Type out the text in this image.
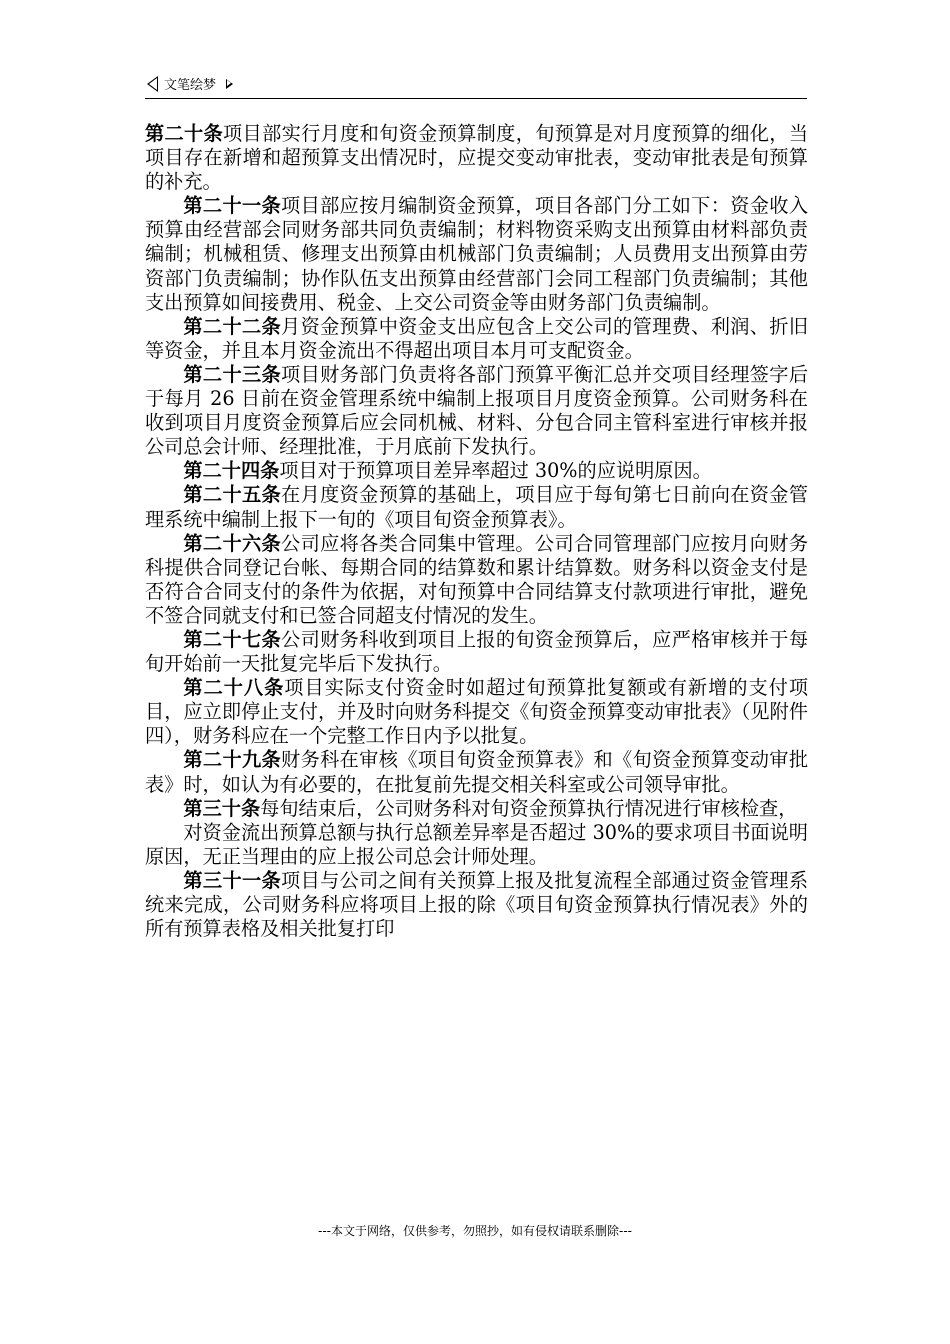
文笔绘梦

第二十条项目部实行月度和旬资金预算制度，旬预算是对月度预算的细化，当项目存在新增和超预算支出情况时，应提交变动审批表，变动审批表是旬预算的补充。

第二十一条项目部应按月编制资金预算，项目各部门分工如下：资金收入预算由经营部会同财务部共同负责编制；材料物资采购支出预算由材料部负责编制；机械租赁、修理支出预算由机械部门负责编制；人员费用支出预算由劳资部门负责编制；协作队伍支出预算由经营部门会同工程部门负责编制；其他支出预算如间接费用、税金、上交公司资金等由财务部门负责编制。

第二十二条月资金预算中资金支出应包含上交公司的管理费、利润、折旧等资金，并且本月资金流出不得超出项目本月可支配资金。

第二十三条项目财务部门负责将各部门预算平衡汇总并交项目经理签字后于每月 26 日前在资金管理系统中编制上报项目月度资金预算。公司财务科在收到项目月度资金预算后应会同机械、材料、分包合同主管科室进行审核并报公司总会计师、经理批准，于月底前下发执行。

第二十四条项目对于预算项目差异率超过 30%的应说明原因。

第二十五条在月度资金预算的基础上，项目应于每旬第七日前向在资金管理系统中编制上报下一旬的《项目旬资金预算表》。

第二十六条公司应将各类合同集中管理。公司合同管理部门应按月向财务科提供合同登记台帐、每期合同的结算数和累计结算数。财务科以资金支付是否符合合同支付的条件为依据，对旬预算中合同结算支付款项进行审批，避免不签合同就支付和已签合同超支付情况的发生。

第二十七条公司财务科收到项目上报的旬资金预算后，应严格审核并于每旬开始前一天批复完毕后下发执行。

第二十八条项目实际支付资金时如超过旬预算批复额或有新增的支付项目，应立即停止支付，并及时向财务科提交《旬资金预算变动审批表》（见附件四），财务科应在一个完整工作日内予以批复。

第二十九条财务科在审核《项目旬资金预算表》和《旬资金预算变动审批表》时，如认为有必要的，在批复前先提交相关科室或公司领导审批。

第三十条每旬结束后，公司财务科对旬资金预算执行情况进行审核检查，

对资金流出预算总额与执行总额差异率是否超过 30%的要求项目书面说明原因，无正当理由的应上报公司总会计师处理。

第三十一条项目与公司之间有关预算上报及批复流程全部通过资金管理系统来完成，公司财务科应将项目上报的除《项目旬资金预算执行情况表》外的所有预算表格及相关批复打印

---本文于网络，仅供参考，勿照抄，如有侵权请联系删除---
